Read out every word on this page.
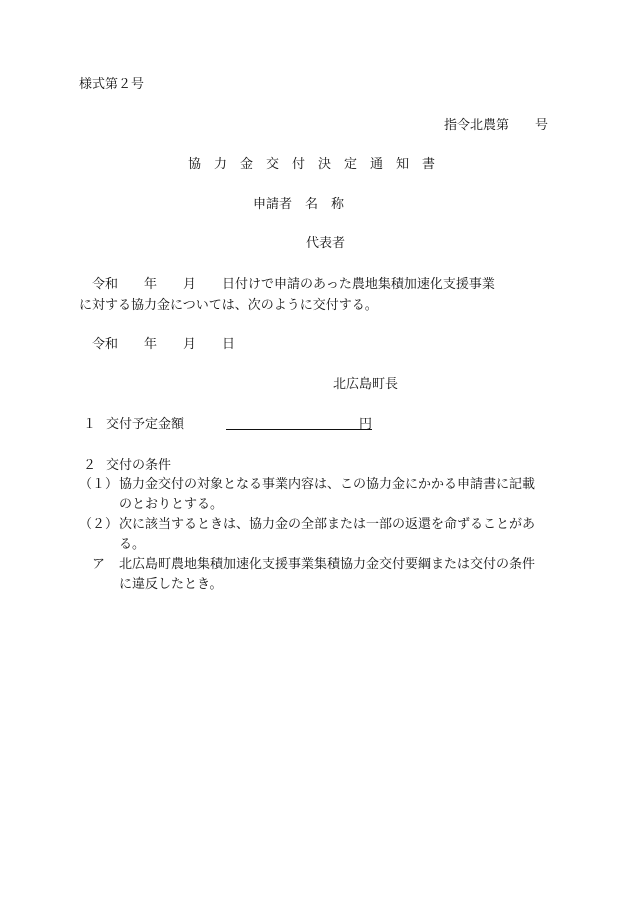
様式第２号
指令北農第　　号
協　力　金　交　付　決　定　通　知　書
申請者　名　称
代表者
令和　　年　　月　　日付けで申請のあった農地集積加速化支援事業
に対する協力金については、次のように交付する。
令和　　年　　月　　日
北広島町長
１ 交付予定金額	円
２ 交付の条件
（１） 協力金交付の対象となる事業内容は、この協力金にかかる申請書に記載
のとおりとする。
（２） 次に該当するときは、協力金の全部または一部の返還を命ずることがあ
る。
ア 北広島町農地集積加速化支援事業集積協力金交付要綱または交付の条件
に違反したとき。
